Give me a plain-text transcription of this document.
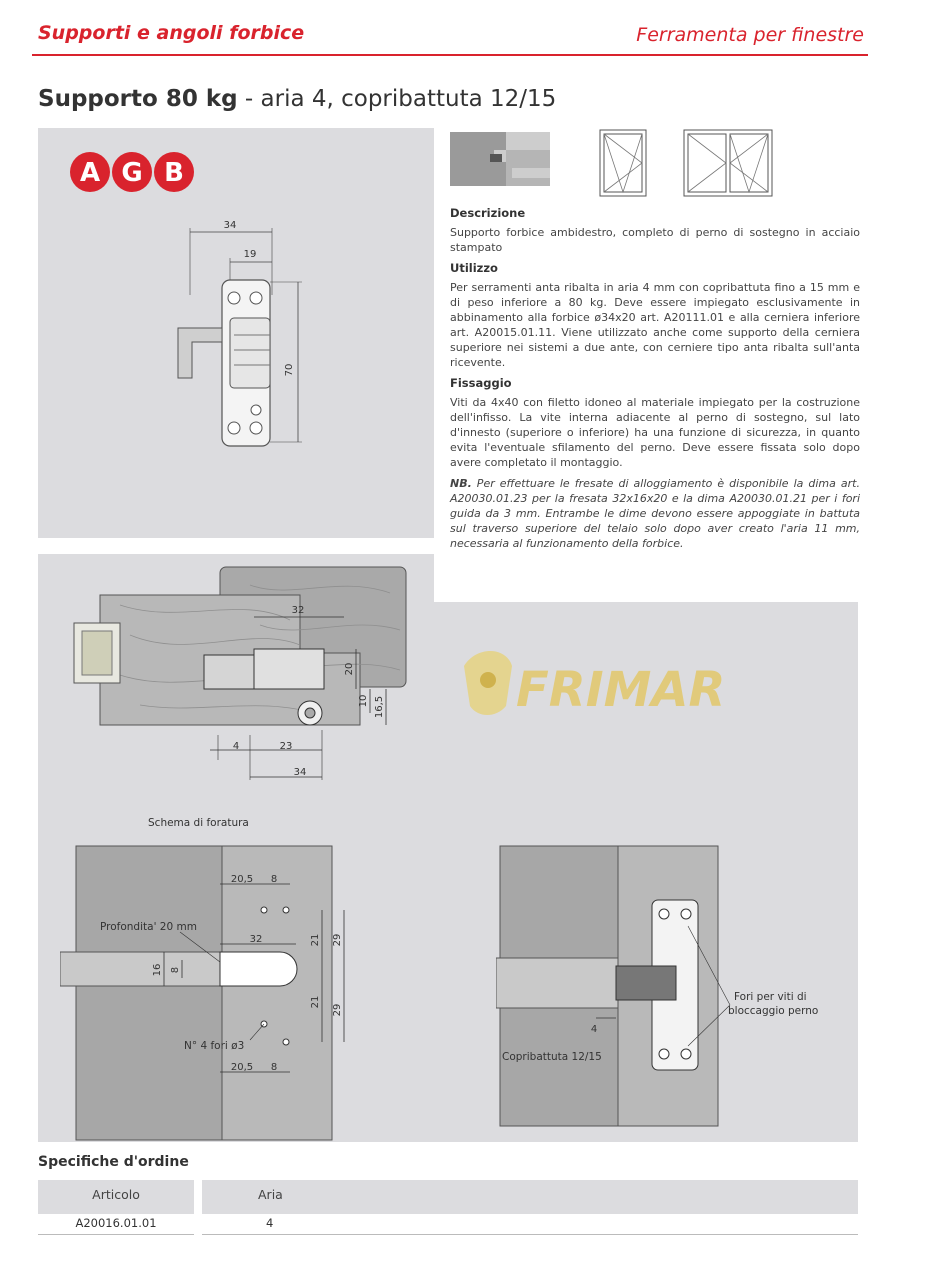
Supporti e angoli forbice	Ferramenta per finestre
Supporto 80 kg - aria 4, copribattuta 12/15
A G B
34
19
70
Descrizione

Supporto forbice ambidestro, completo di perno di sostegno in acciaio stampato

Utilizzo

Per serramenti anta ribalta in aria 4 mm con copribattuta fino a 15 mm e di peso inferiore a 80 kg. Deve essere impiegato esclusivamente in abbinamento alla forbice ø34x20 art. A20111.01 e alla cerniera inferiore art. A20015.01.11. Viene utilizzato anche come supporto della cerniera superiore nei sistemi a due ante, con cerniere tipo anta ribalta sull'anta ricevente.

Fissaggio

Viti da 4x40 con filetto idoneo al materiale impiegato per la costruzione dell'infisso. La vite interna adiacente al perno di sostegno, sul lato d'innesto (superiore o inferiore) ha una funzione di sicurezza, in quanto evita l'eventuale sfilamento del perno. Deve essere fissata solo dopo avere completato il montaggio.

NB. Per effettuare le fresate di alloggiamento è disponibile la dima art. A20030.01.23 per la fresata 32x16x20 e la dima A20030.01.21 per i fori guida da 3 mm. Entrambe le dime devono essere appoggiate in battuta sul traverso superiore del telaio solo dopo aver creato l'aria 11 mm, necessaria al funzionamento della forbice.

32
20
10 16,5
4	23
34
FRIMAR
Schema di foratura
20,5 8
32	21 29
16 8
21
29
20,5 8
Profondita' 20 mm
N° 4 fori ø3
4
Copribattuta 12/15
Fori per viti di
bloccaggio perno
Specifiche d'ordine
Articolo	Aria
A20016.01.01	4
